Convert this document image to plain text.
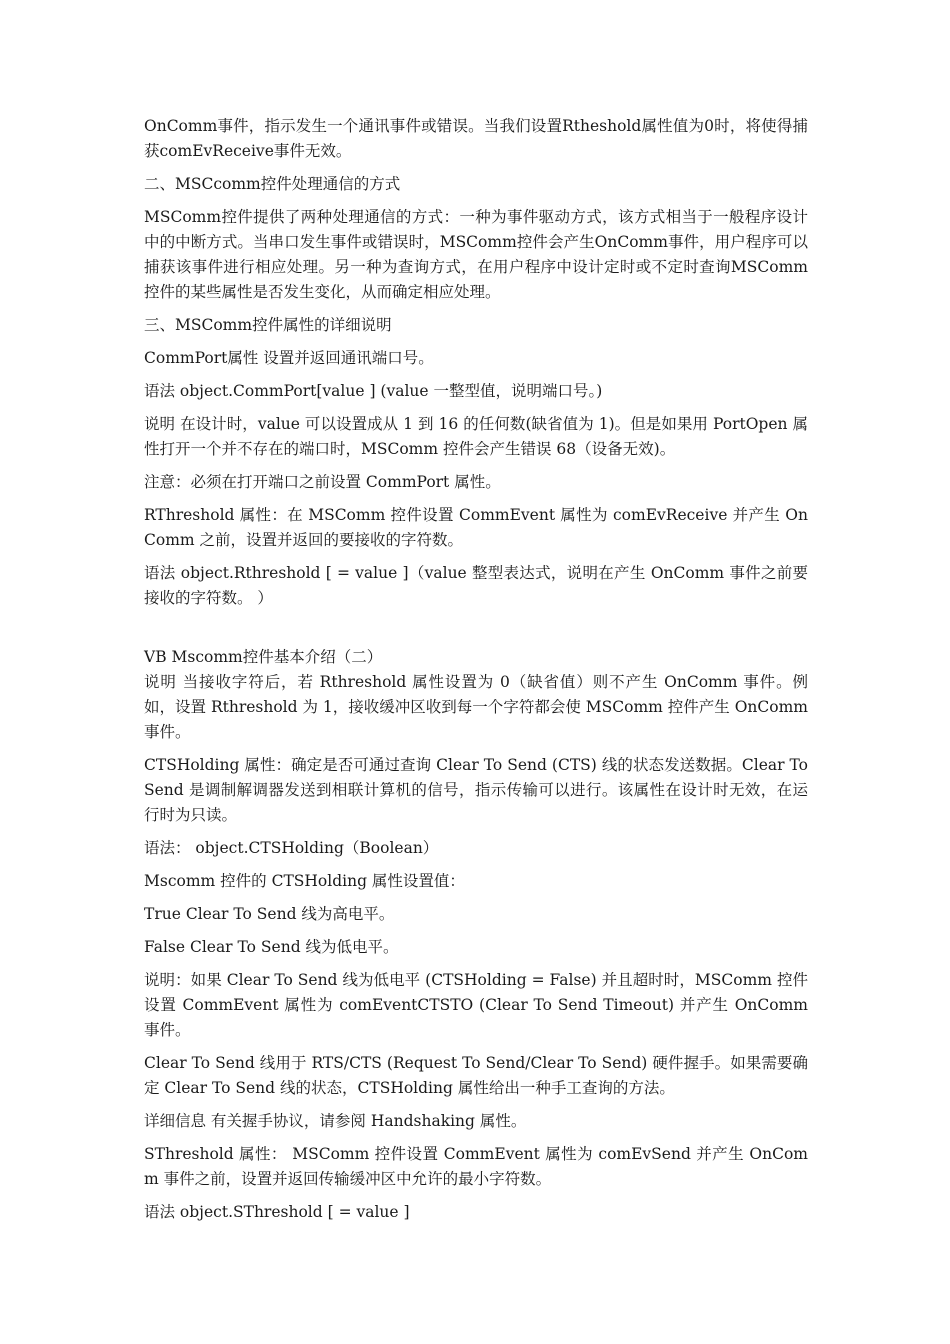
OnComm事件，指示发生一个通讯事件或错误。当我们设置Rtheshold属性值为0时，将使得捕获comEvReceive事件无效。

二、MSCcomm控件处理通信的方式

MSComm控件提供了两种处理通信的方式：一种为事件驱动方式，该方式相当于一般程序设计中的中断方式。当串口发生事件或错误时，MSComm控件会产生OnComm事件，用户程序可以捕获该事件进行相应处理。另一种为查询方式，在用户程序中设计定时或不定时查询MSComm控件的某些属性是否发生变化，从而确定相应处理。

三、MSComm控件属性的详细说明

CommPort属性 设置并返回通讯端口号。

语法 object.CommPort[value ] (value 一整型值，说明端口号。)

说明 在设计时，value 可以设置成从 1 到 16 的任何数(缺省值为 1)。但是如果用 PortOpen 属性打开一个并不存在的端口时，MSComm 控件会产生错误 68（设备无效)。

注意：必须在打开端口之前设置 CommPort 属性。

RThreshold 属性：在 MSComm 控件设置 CommEvent 属性为 comEvReceive 并产生 OnComm 之前，设置并返回的要接收的字符数。

语法 object.Rthreshold [ = value ]（value 整型表达式，说明在产生 OnComm 事件之前要接收的字符数。 ）

VB Mscomm控件基本介绍（二）

说明 当接收字符后，若 Rthreshold 属性设置为 0（缺省值）则不产生 OnComm 事件。例如，设置 Rthreshold 为 1，接收缓冲区收到每一个字符都会使 MSComm 控件产生 OnComm 事件。

CTSHolding 属性：确定是否可通过查询 Clear To Send (CTS) 线的状态发送数据。Clear To Send 是调制解调器发送到相联计算机的信号，指示传输可以进行。该属性在设计时无效，在运行时为只读。

语法： object.CTSHolding（Boolean）

Mscomm 控件的 CTSHolding 属性设置值：

True Clear To Send 线为高电平。

False Clear To Send 线为低电平。

说明：如果 Clear To Send 线为低电平 (CTSHolding = False) 并且超时时，MSComm 控件设置 CommEvent 属性为 comEventCTSTO (Clear To Send Timeout) 并产生 OnComm 事件。

Clear To Send 线用于 RTS/CTS (Request To Send/Clear To Send) 硬件握手。如果需要确定 Clear To Send 线的状态，CTSHolding 属性给出一种手工查询的方法。

详细信息 有关握手协议，请参阅 Handshaking 属性。

SThreshold 属性： MSComm 控件设置 CommEvent 属性为 comEvSend 并产生 OnComm 事件之前，设置并返回传输缓冲区中允许的最小字符数。

语法 object.SThreshold [ = value ]
